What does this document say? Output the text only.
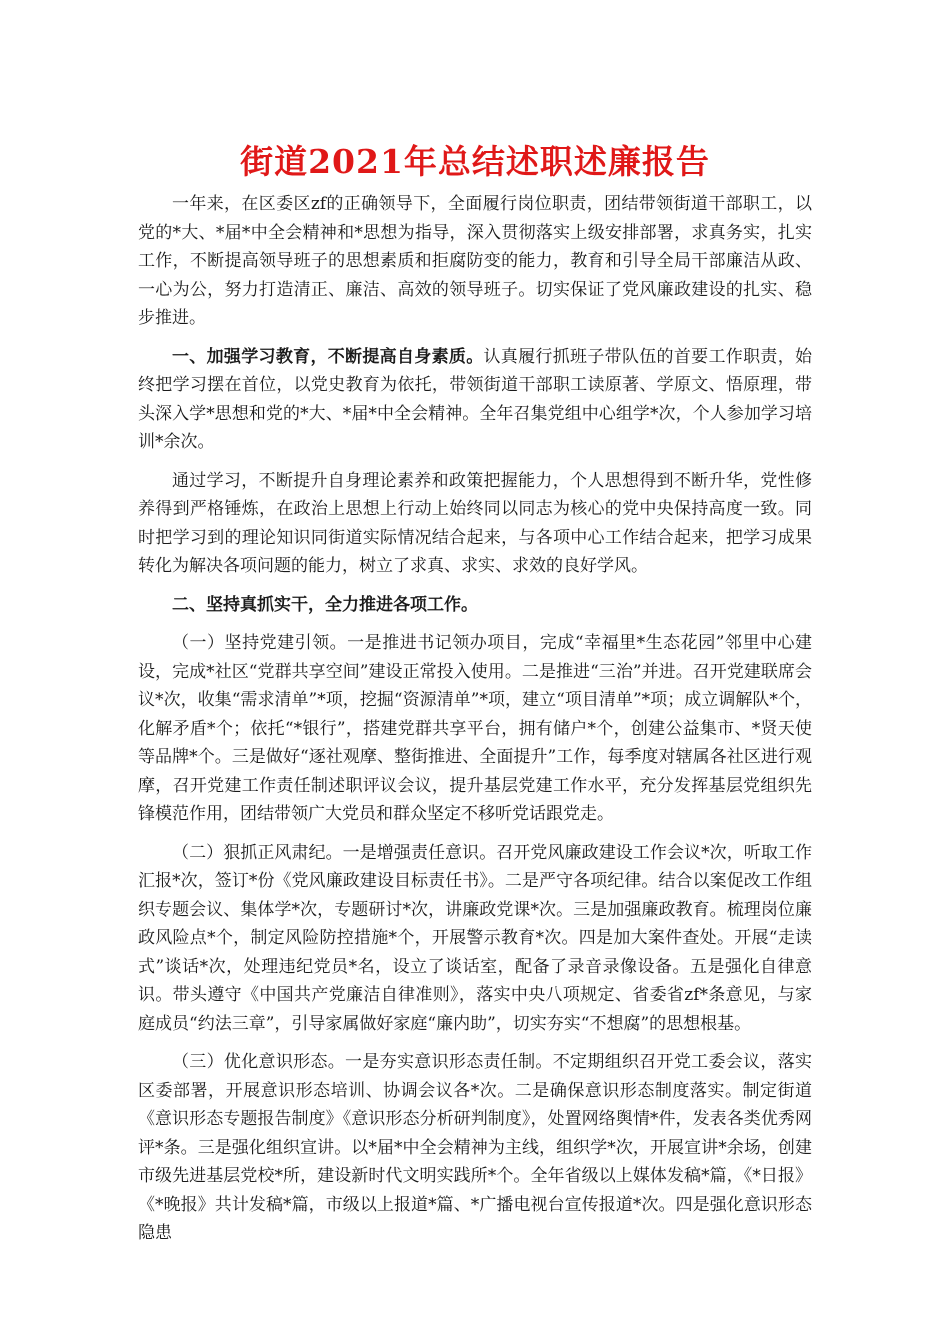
街道2021年总结述职述廉报告

一年来，在区委区zf的正确领导下，全面履行岗位职责，团结带领街道干部职工，以党的*大、*届*中全会精神和*思想为指导，深入贯彻落实上级安排部署，求真务实，扎实工作，不断提高领导班子的思想素质和拒腐防变的能力，教育和引导全局干部廉洁从政、一心为公，努力打造清正、廉洁、高效的领导班子。切实保证了党风廉政建设的扎实、稳步推进。

一、加强学习教育，不断提高自身素质。认真履行抓班子带队伍的首要工作职责，始终把学习摆在首位，以党史教育为依托，带领街道干部职工读原著、学原文、悟原理，带头深入学*思想和党的*大、*届*中全会精神。全年召集党组中心组学*次，个人参加学习培训*余次。

通过学习，不断提升自身理论素养和政策把握能力，个人思想得到不断升华，党性修养得到严格锤炼，在政治上思想上行动上始终同以同志为核心的党中央保持高度一致。同时把学习到的理论知识同街道实际情况结合起来，与各项中心工作结合起来，把学习成果转化为解决各项问题的能力，树立了求真、求实、求效的良好学风。

二、坚持真抓实干，全力推进各项工作。

（一）坚持党建引领。一是推进书记领办项目，完成“幸福里*生态花园”邻里中心建设，完成*社区“党群共享空间”建设正常投入使用。二是推进“三治”并进。召开党建联席会议*次，收集“需求清单”*项，挖掘“资源清单”*项，建立“项目清单”*项；成立调解队*个，化解矛盾*个；依托“*银行”，搭建党群共享平台，拥有储户*个，创建公益集市、*贤天使等品牌*个。三是做好“逐社观摩、整街推进、全面提升”工作，每季度对辖属各社区进行观摩，召开党建工作责任制述职评议会议，提升基层党建工作水平，充分发挥基层党组织先锋模范作用，团结带领广大党员和群众坚定不移听党话跟党走。

（二）狠抓正风肃纪。一是增强责任意识。召开党风廉政建设工作会议*次，听取工作汇报*次，签订*份《党风廉政建设目标责任书》。二是严守各项纪律。结合以案促改工作组织专题会议、集体学*次，专题研讨*次，讲廉政党课*次。三是加强廉政教育。梳理岗位廉政风险点*个，制定风险防控措施*个，开展警示教育*次。四是加大案件查处。开展“走读式”谈话*次，处理违纪党员*名，设立了谈话室，配备了录音录像设备。五是强化自律意识。带头遵守《中国共产党廉洁自律准则》，落实中央八项规定、省委省zf*条意见，与家庭成员“约法三章”，引导家属做好家庭“廉内助”，切实夯实“不想腐”的思想根基。

（三）优化意识形态。一是夯实意识形态责任制。不定期组织召开党工委会议，落实区委部署，开展意识形态培训、协调会议各*次。二是确保意识形态制度落实。制定街道《意识形态专题报告制度》《意识形态分析研判制度》，处置网络舆情*件，发表各类优秀网评*条。三是强化组织宣讲。以*届*中全会精神为主线，组织学*次，开展宣讲*余场，创建市级先进基层党校*所，建设新时代文明实践所*个。全年省级以上媒体发稿*篇，《*日报》《*晚报》共计发稿*篇，市级以上报道*篇、*广播电视台宣传报道*次。四是强化意识形态隐患
